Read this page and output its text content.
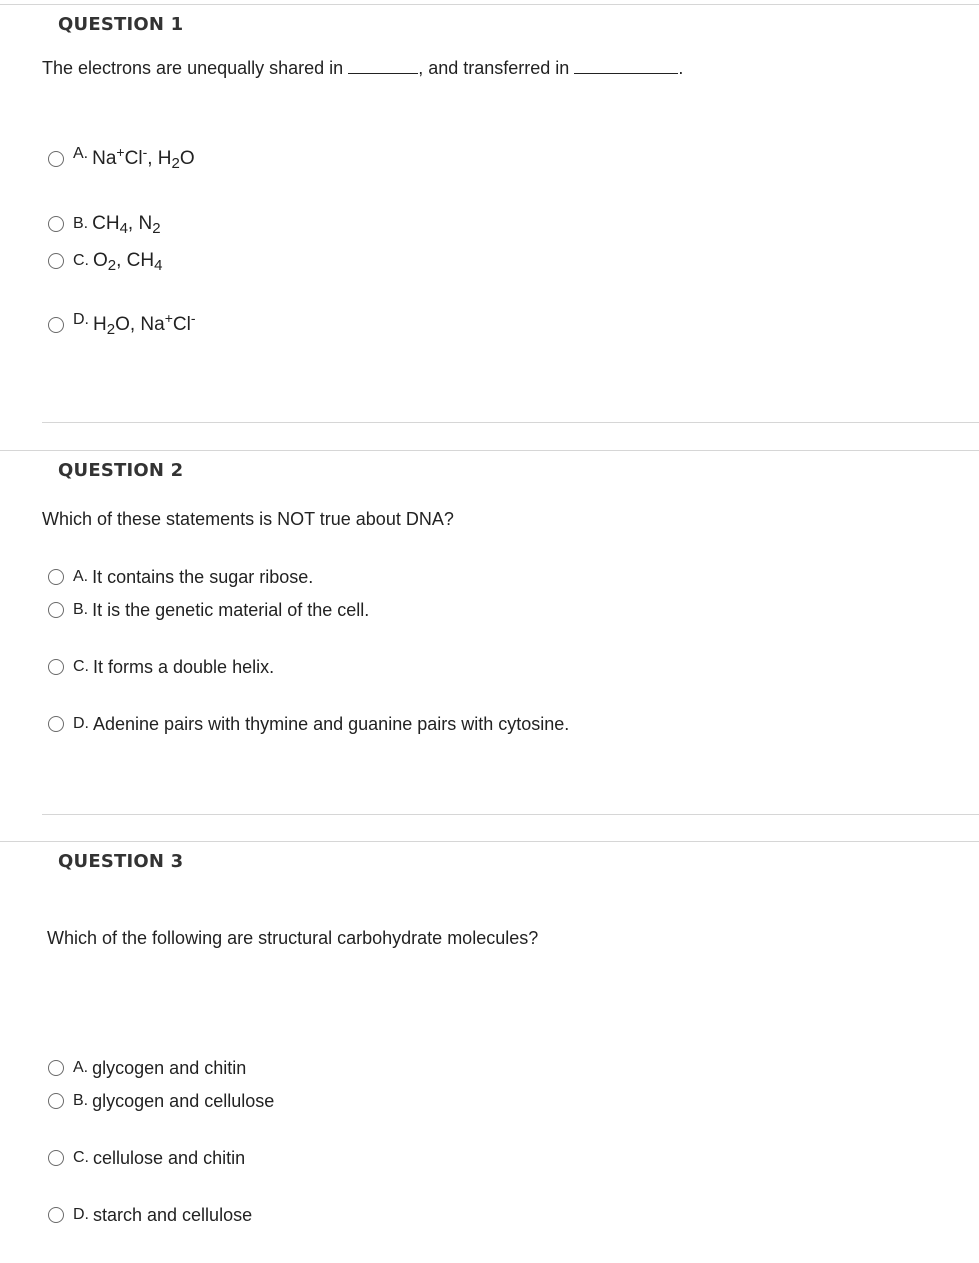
QUESTION 1
The electrons are unequally shared in	, and transferred in	.
A. Na+Cl-, $H_2O$
B. $CH_4$, $N_2$
C. $O_2$, $CH_4$
D. $H_2O$, Na+Cl-
QUESTION 2
Which of these statements is NOT true about DNA?
A. It contains the sugar ribose.
B. It is the genetic material of the cell.
C. It forms a double helix.
D. Adenine pairs with thymine and guanine pairs with cytosine.
QUESTION 3
Which of the following are structural carbohydrate molecules?
A. glycogen and chitin
B. glycogen and cellulose
C. cellulose and chitin
D. starch and cellulose
